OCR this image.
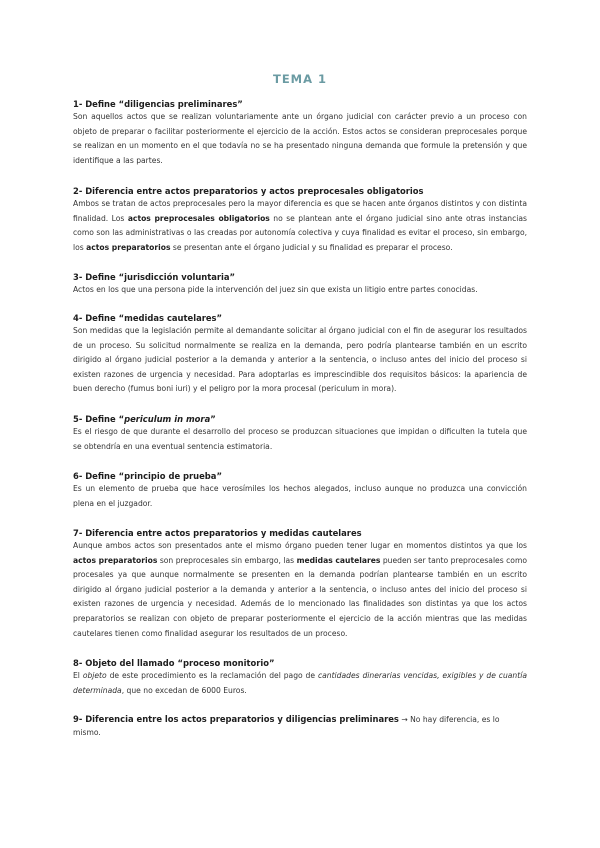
TEMA 1

1- Define “diligencias preliminares”

Son aquellos actos que se realizan voluntariamente ante un órgano judicial con carácter previo a un proceso con objeto de preparar o facilitar posteriormente el ejercicio de la acción. Estos actos se consideran preprocesales porque se realizan en un momento en el que todavía no se ha presentado ninguna demanda que formule la pretensión y que identifique a las partes.

2- Diferencia entre actos preparatorios y actos preprocesales obligatorios

Ambos se tratan de actos preprocesales pero la mayor diferencia es que se hacen ante órganos distintos y con distinta finalidad. Los actos preprocesales obligatorios no se plantean ante el órgano judicial sino ante otras instancias como son las administrativas o las creadas por autonomía colectiva y cuya finalidad es evitar el proceso, sin embargo, los actos preparatorios se presentan ante el órgano judicial y su finalidad es preparar el proceso.

3- Define “jurisdicción voluntaria”

Actos en los que una persona pide la intervención del juez sin que exista un litigio entre partes conocidas.

4- Define “medidas cautelares”

Son medidas que la legislación permite al demandante solicitar al órgano judicial con el fin de asegurar los resultados de un proceso. Su solicitud normalmente se realiza en la demanda, pero podría plantearse también en un escrito dirigido al órgano judicial posterior a la demanda y anterior a la sentencia, o incluso antes del inicio del proceso si existen razones de urgencia y necesidad. Para adoptarlas es imprescindible dos requisitos básicos: la apariencia de buen derecho (fumus boni iuri) y el peligro por la mora procesal (periculum in mora).

5- Define “periculum in mora”

Es el riesgo de que durante el desarrollo del proceso se produzcan situaciones que impidan o dificulten la tutela que se obtendría en una eventual sentencia estimatoria.

6- Define “principio de prueba”

Es un elemento de prueba que hace verosímiles los hechos alegados, incluso aunque no produzca una convicción plena en el juzgador.

7- Diferencia entre actos preparatorios y medidas cautelares

Aunque ambos actos son presentados ante el mismo órgano pueden tener lugar en momentos distintos ya que los actos preparatorios son preprocesales sin embargo, las medidas cautelares pueden ser tanto preprocesales como procesales ya que aunque normalmente se presenten en la demanda podrían plantearse también en un escrito dirigido al órgano judicial posterior a la demanda y anterior a la sentencia, o incluso antes del inicio del proceso si existen razones de urgencia y necesidad. Además de lo mencionado las finalidades son distintas ya que los actos preparatorios se realizan con objeto de preparar posteriormente el ejercicio de la acción mientras que las medidas cautelares tienen como finalidad asegurar los resultados de un proceso.

8- Objeto del llamado “proceso monitorio”

El objeto de este procedimiento es la reclamación del pago de cantidades dinerarias vencidas, exigibles y de cuantía determinada, que no excedan de 6000 Euros.

9- Diferencia entre los actos preparatorios y diligencias preliminares → No hay diferencia, es lo mismo.
